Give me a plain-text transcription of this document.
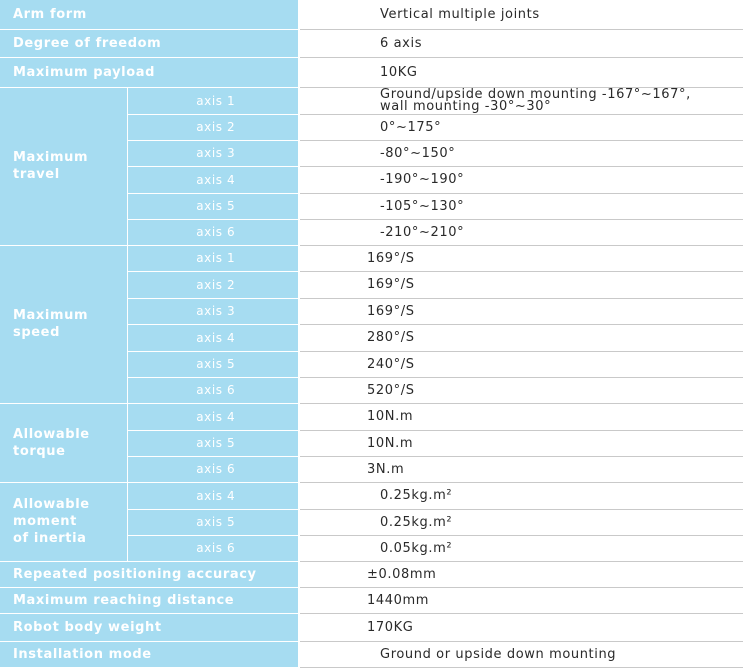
Arm form		Vertical multiple joints
Degree of freedom		6 axis
Maximum payload		10KG
Maximum
travel	axis 1	Ground/upside down mounting -167°~167°,
wall mounting -30°~30°

	axis 2	0°~175°
	axis 3	-80°~150°
	axis 4	-190°~190°
	axis 5	-105°~130°
	axis 6	-210°~210°
Maximum
speed	axis 1	169°/S
	axis 2	169°/S
	axis 3	169°/S
	axis 4	280°/S
	axis 5	240°/S
	axis 6	520°/S
Allowable
torque	axis 4	10N.m
	axis 5	10N.m
	axis 6	3N.m
Allowable
moment
of inertia	axis 4	0.25kg.m²
	axis 5	0.25kg.m²
	axis 6	0.05kg.m²
Repeated positioning accuracy		±0.08mm
Maximum reaching distance		1440mm
Robot body weight		170KG
Installation mode		Ground or upside down mounting
